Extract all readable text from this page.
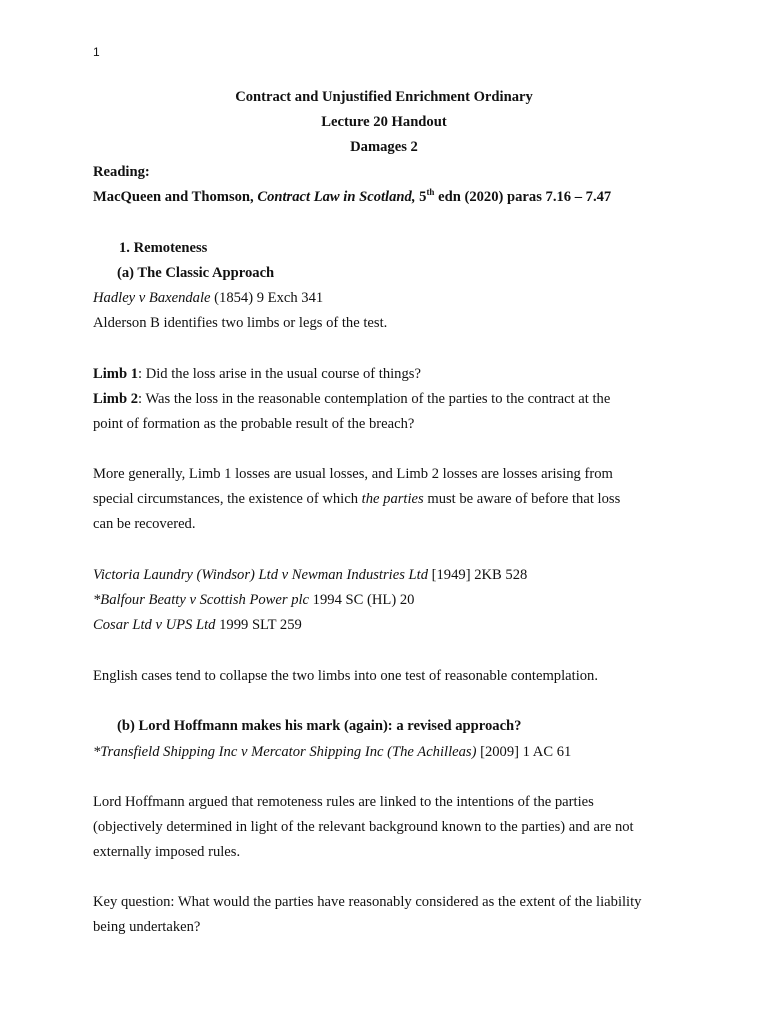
1
Contract and Unjustified Enrichment Ordinary
Lecture 20 Handout
Damages 2
Reading:
MacQueen and Thomson, Contract Law in Scotland, 5th edn (2020) paras 7.16 – 7.47
1. Remoteness
(a) The Classic Approach
Hadley v Baxendale (1854) 9 Exch 341
Alderson B identifies two limbs or legs of the test.
Limb 1: Did the loss arise in the usual course of things?
Limb 2: Was the loss in the reasonable contemplation of the parties to the contract at the
point of formation as the probable result of the breach?
More generally, Limb 1 losses are usual losses, and Limb 2 losses are losses arising from
special circumstances, the existence of which the parties must be aware of before that loss
can be recovered.
Victoria Laundry (Windsor) Ltd v Newman Industries Ltd [1949] 2KB 528
*Balfour Beatty v Scottish Power plc 1994 SC (HL) 20
Cosar Ltd v UPS Ltd 1999 SLT 259
English cases tend to collapse the two limbs into one test of reasonable contemplation.
(b) Lord Hoffmann makes his mark (again): a revised approach?
*Transfield Shipping Inc v Mercator Shipping Inc (The Achilleas) [2009] 1 AC 61
Lord Hoffmann argued that remoteness rules are linked to the intentions of the parties
(objectively determined in light of the relevant background known to the parties) and are not
externally imposed rules.
Key question: What would the parties have reasonably considered as the extent of the liability
being undertaken?
